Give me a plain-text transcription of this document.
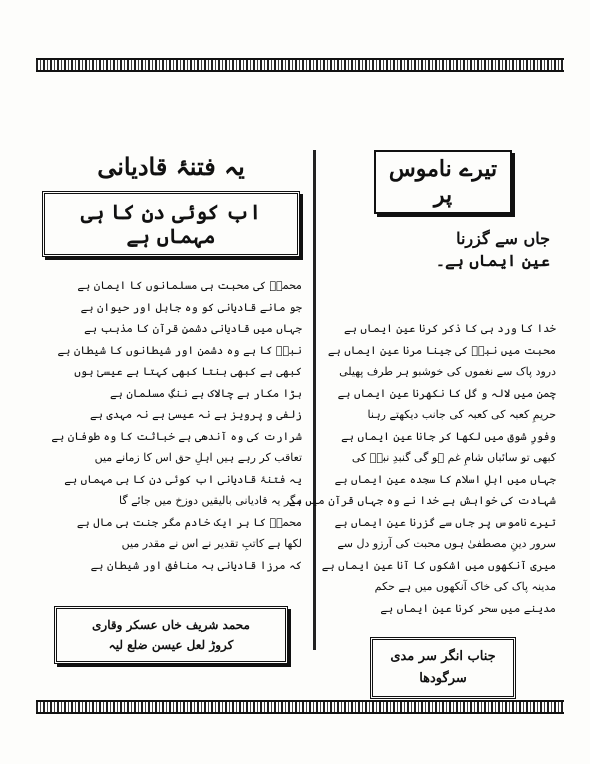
یہ فتنۂ قادیانی
اب کوئی دن کا ہی مہماں ہے
محمدؐ کی محبت ہی مسلمانوں کا ایمان ہے
جو مانے قادیانی کو وہ جاہل اور حیوان ہے
جہاں میں قادیانی دشمنِ قرآن کا مذہب ہے
نبیؐ کا ہے وہ دشمن اور شیطانوں کا شیطان ہے
کبھی ہے کبھی بنتا کبھی کہتا ہے عیسیٰ ہوں
بڑا مکار ہے چالاک ہے ننگِ مسلمان ہے
زلفی و پرویز ہے نہ عیسیٰ ہے نہ مہدی ہے
شرارت کی وہ آندھی ہے خباثت کا وہ طوفان ہے
تعاقب کر رہے ہیں اہلِ حق اس کا زمانے میں
یہ فتنۂ قادیانی اب کوئی دن کا ہی مہماں ہے
مگر یہ قادیانی بالیقیں دوزخ میں جائے گا
محمدؐ کا ہر ایک خادم مگر جنت ہی مال ہے
لکھا ہے کاتبِ تقدیر نے اس نے مقدر میں
کہ مرزا قادیانی بہ منافق اور شیطان ہے
محمد شریف خاں عسکر وقاری
کروڑ لعل عیسن ضلع لیہ
تیرے ناموس پر
جاں سے گزرنا
عین ایماں ہے۔
خدا کا ورد ہی کا ذکر کرنا عین ایماں ہے
محبت میں نبیؐ کی جینا مرنا عین ایماں ہے
درود پاک سے نغموں کی خوشبو ہر طرف پھیلی
چمن میں لالہ و گل کا نکھرنا عین ایماں ہے
حریمِ کعبہ کی کعبہ کی جانب دیکھتے رہنا
وفورِ شوق میں لکھا کر جانا عین ایماں ہے
کبھی تو سائباں شامِ غم ہو گی گنبدِ نبیؐ کی
جہاں میں اہلِ اسلام کا سجدہ عین ایماں ہے
شہادت کی خواہش ہے خدا نے وہ جہاں قرآن میں ہے
تیرے ناموس پر جاں سے گزرنا عین ایماں ہے
سرور دینِ مصطفیٰ ہوں محبت کی آرزو دل سے
میری آنکھوں میں اشکوں کا آنا عین ایماں ہے
مدینہ پاک کی خاک آنکھوں میں ہے حکم
مدینے میں سحر کرنا عین ایماں ہے
جناب انگر سر مدی
سرگودھا
